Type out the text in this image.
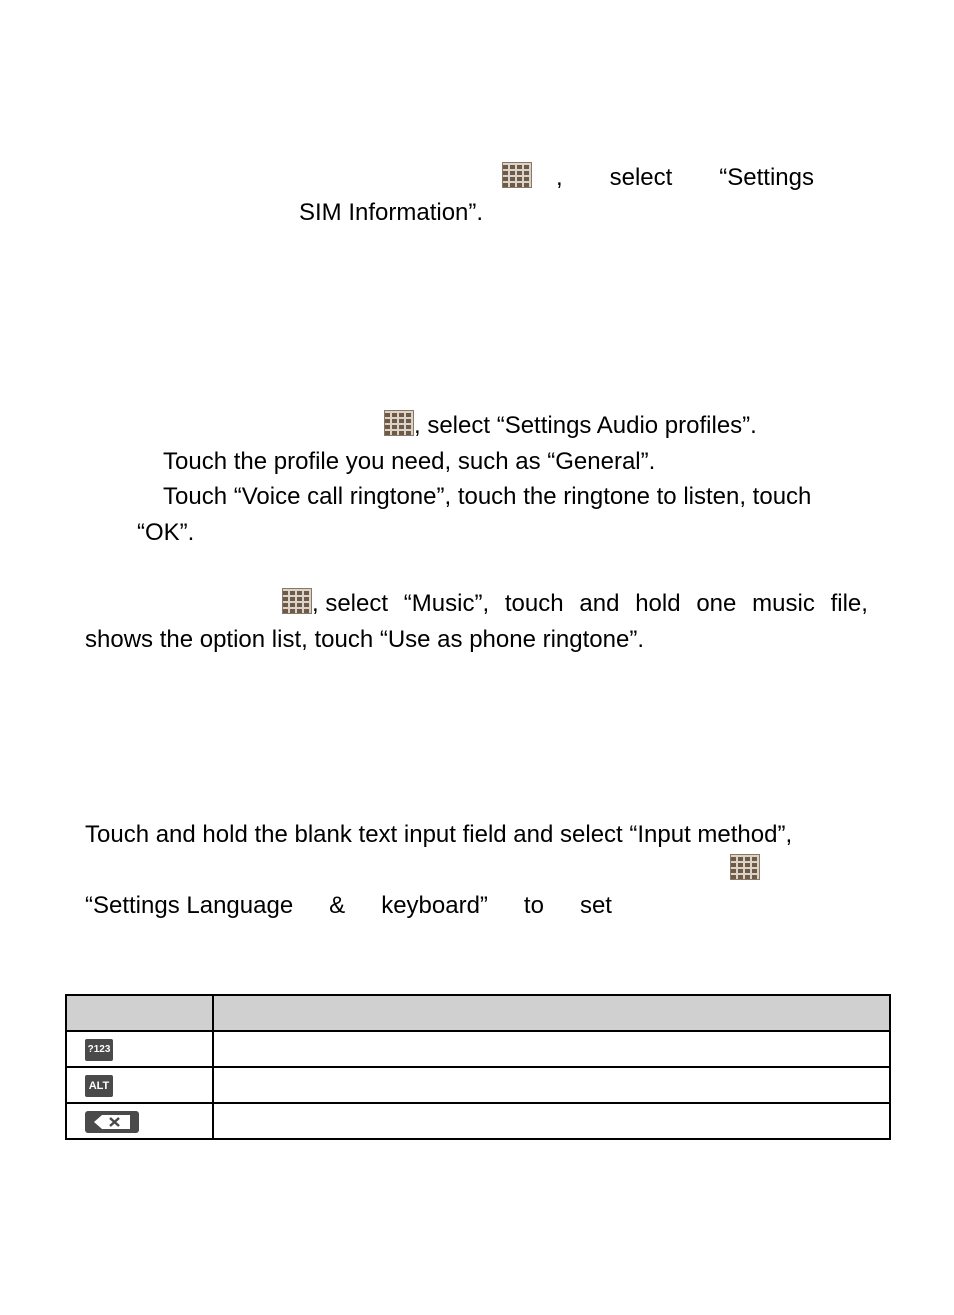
, select “Settings
SIM Information”.
, select “Settings Audio profiles”.
Touch the profile you need, such as “General”.
Touch “Voice call ringtone”, touch the ringtone to listen, touch
“OK”.
, select “Music”, touch and hold one music file,
shows the option list, touch “Use as phone ringtone”.
Touch and hold the blank text input field and select “Input method”,
“Settings Language & keyboard” to set

?123	
ALT	
